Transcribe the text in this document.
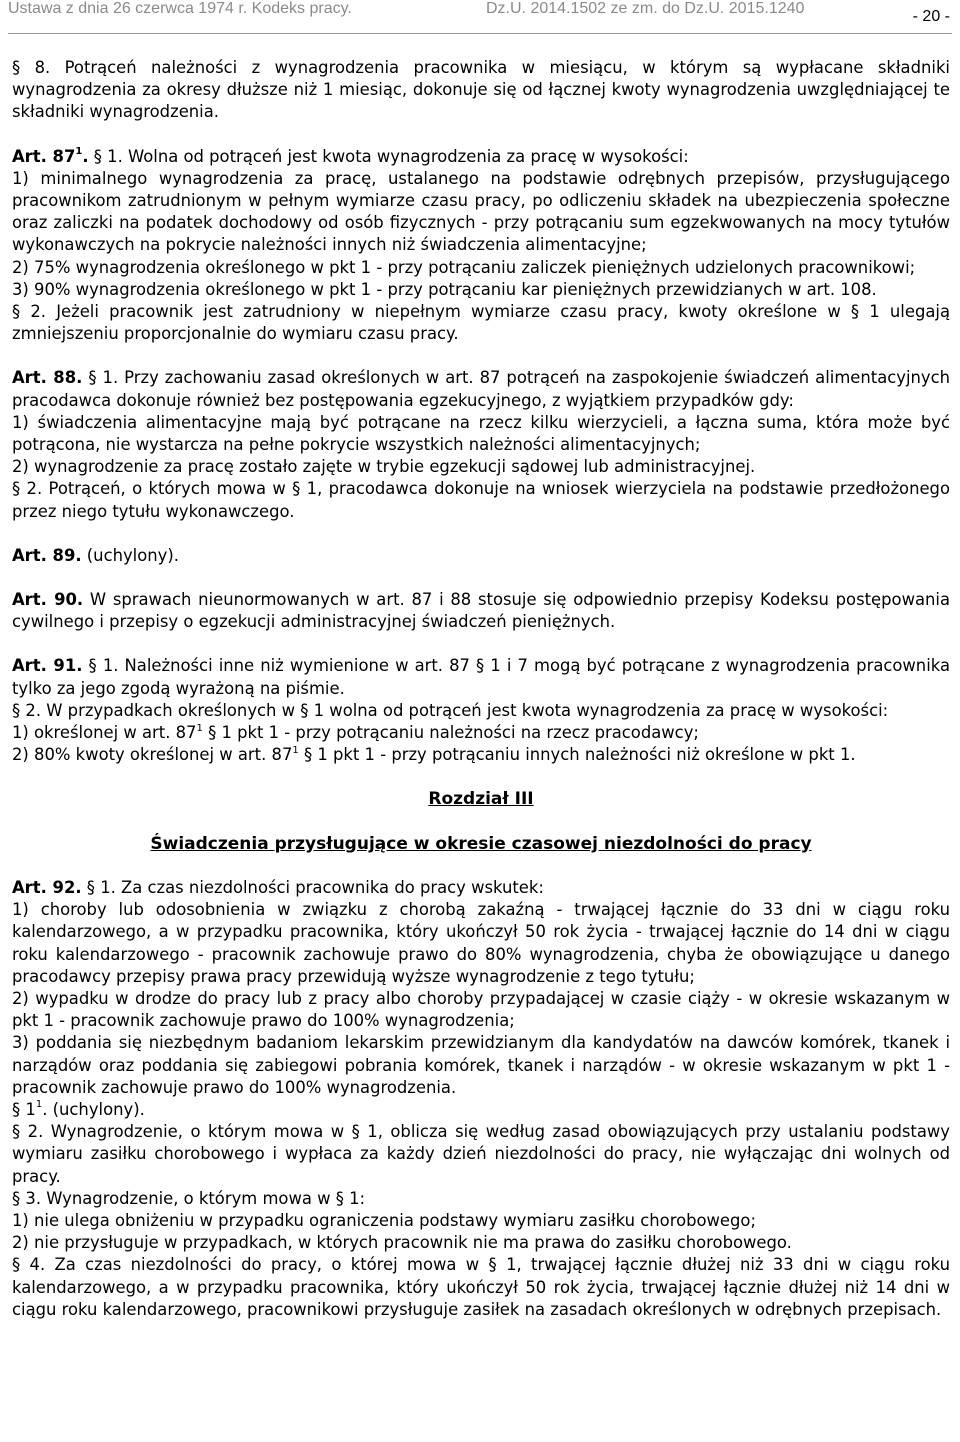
Ustawa z dnia 26 czerwca 1974 r. Kodeks pracy.	Dz.U. 2014.1502 ze zm. do Dz.U. 2015.1240	- 20 -

§ 8. Potrąceń należności z wynagrodzenia pracownika w miesiącu, w którym są wypłacane składniki wynagrodzenia za okresy dłuższe niż 1 miesiąc, dokonuje się od łącznej kwoty wynagrodzenia uwzględniającej te składniki wynagrodzenia.

Art. $87^1$. § 1. Wolna od potrąceń jest kwota wynagrodzenia za pracę w wysokości:

1) minimalnego wynagrodzenia za pracę, ustalanego na podstawie odrębnych przepisów, przysługującego pracownikom zatrudnionym w pełnym wymiarze czasu pracy, po odliczeniu składek na ubezpieczenia społeczne oraz zaliczki na podatek dochodowy od osób fizycznych - przy potrącaniu sum egzekwowanych na mocy tytułów wykonawczych na pokrycie należności innych niż świadczenia alimentacyjne;

2) 75% wynagrodzenia określonego w pkt 1 - przy potrącaniu zaliczek pieniężnych udzielonych pracownikowi;

3) 90% wynagrodzenia określonego w pkt 1 - przy potrącaniu kar pieniężnych przewidzianych w art. 108.

§ 2. Jeżeli pracownik jest zatrudniony w niepełnym wymiarze czasu pracy, kwoty określone w § 1 ulegają zmniejszeniu proporcjonalnie do wymiaru czasu pracy.

Art. 88. § 1. Przy zachowaniu zasad określonych w art. 87 potrąceń na zaspokojenie świadczeń alimentacyjnych pracodawca dokonuje również bez postępowania egzekucyjnego, z wyjątkiem przypadków gdy:

1) świadczenia alimentacyjne mają być potrącane na rzecz kilku wierzycieli, a łączna suma, która może być potrącona, nie wystarcza na pełne pokrycie wszystkich należności alimentacyjnych;

2) wynagrodzenie za pracę zostało zajęte w trybie egzekucji sądowej lub administracyjnej.

§ 2. Potrąceń, o których mowa w § 1, pracodawca dokonuje na wniosek wierzyciela na podstawie przedłożonego przez niego tytułu wykonawczego.

Art. 89. (uchylony).

Art. 90. W sprawach nieunormowanych w art. 87 i 88 stosuje się odpowiednio przepisy Kodeksu postępowania cywilnego i przepisy o egzekucji administracyjnej świadczeń pieniężnych.

Art. 91. § 1. Należności inne niż wymienione w art. 87 § 1 i 7 mogą być potrącane z wynagrodzenia pracownika tylko za jego zgodą wyrażoną na piśmie.

§ 2. W przypadkach określonych w § 1 wolna od potrąceń jest kwota wynagrodzenia za pracę w wysokości:

1) określonej w art. $87^1$ § 1 pkt 1 - przy potrącaniu należności na rzecz pracodawcy;

2) 80% kwoty określonej w art. $87^1$ § 1 pkt 1 - przy potrącaniu innych należności niż określone w pkt 1.

Rozdział III

Świadczenia przysługujące w okresie czasowej niezdolności do pracy

Art. 92. § 1. Za czas niezdolności pracownika do pracy wskutek:

1) choroby lub odosobnienia w związku z chorobą zakaźną - trwającej łącznie do 33 dni w ciągu roku kalendarzowego, a w przypadku pracownika, który ukończył 50 rok życia - trwającej łącznie do 14 dni w ciągu roku kalendarzowego - pracownik zachowuje prawo do 80% wynagrodzenia, chyba że obowiązujące u danego pracodawcy przepisy prawa pracy przewidują wyższe wynagrodzenie z tego tytułu;

2) wypadku w drodze do pracy lub z pracy albo choroby przypadającej w czasie ciąży - w okresie wskazanym w pkt 1 - pracownik zachowuje prawo do 100% wynagrodzenia;

3) poddania się niezbędnym badaniom lekarskim przewidzianym dla kandydatów na dawców komórek, tkanek i narządów oraz poddania się zabiegowi pobrania komórek, tkanek i narządów - w okresie wskazanym w pkt 1 - pracownik zachowuje prawo do 100% wynagrodzenia.

§ $1^1$. (uchylony).

§ 2. Wynagrodzenie, o którym mowa w § 1, oblicza się według zasad obowiązujących przy ustalaniu podstawy wymiaru zasiłku chorobowego i wypłaca za każdy dzień niezdolności do pracy, nie wyłączając dni wolnych od pracy.

§ 3. Wynagrodzenie, o którym mowa w § 1:

1) nie ulega obniżeniu w przypadku ograniczenia podstawy wymiaru zasiłku chorobowego;

2) nie przysługuje w przypadkach, w których pracownik nie ma prawa do zasiłku chorobowego.

§ 4. Za czas niezdolności do pracy, o której mowa w § 1, trwającej łącznie dłużej niż 33 dni w ciągu roku kalendarzowego, a w przypadku pracownika, który ukończył 50 rok życia, trwającej łącznie dłużej niż 14 dni w ciągu roku kalendarzowego, pracownikowi przysługuje zasiłek na zasadach określonych w odrębnych przepisach.
